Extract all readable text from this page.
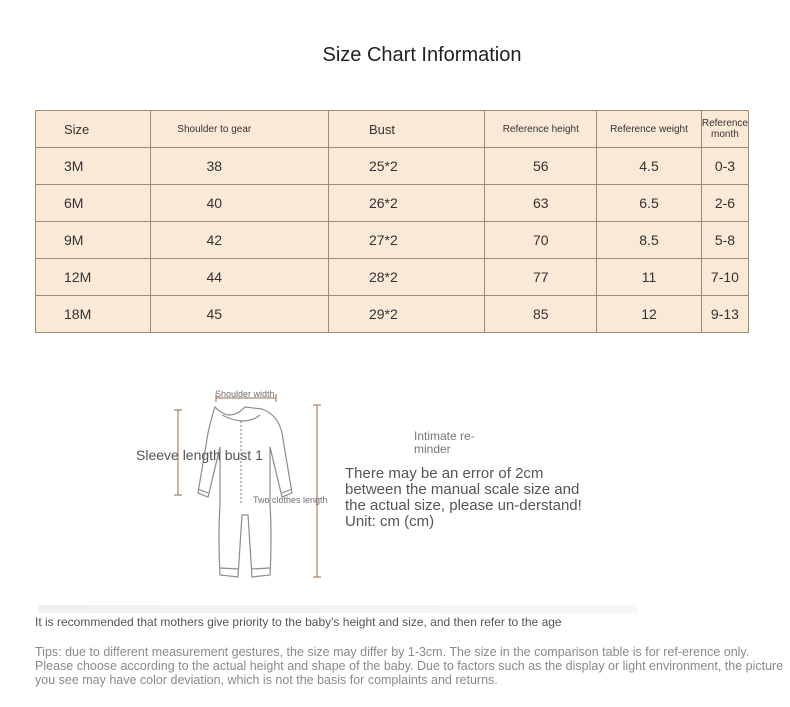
Size Chart Information
Size	Shoulder to gear	Bust	Reference height	Reference weight	Reference month
3M	38	25*2	56	4.5	0-3
6M	40	26*2	63	6.5	2-6
9M	42	27*2	70	8.5	5-8
12M	44	28*2	77	11	7-10
18M	45	29*2	85	12	9-13
Shoulder width
Sleeve length bust 1
Two clothes length
Intimate re-minder
There may be an error of 2cm between the manual scale size and the actual size, please un-derstand! Unit: cm (cm)
It is recommended that mothers give priority to the baby's height and size, and then refer to the age
Tips: due to different measurement gestures, the size may differ by 1-3cm. The size in the comparison table is for ref-erence only. Please choose according to the actual height and shape of the baby. Due to factors such as the display or light environment, the picture you see may have color deviation, which is not the basis for complaints and returns.
